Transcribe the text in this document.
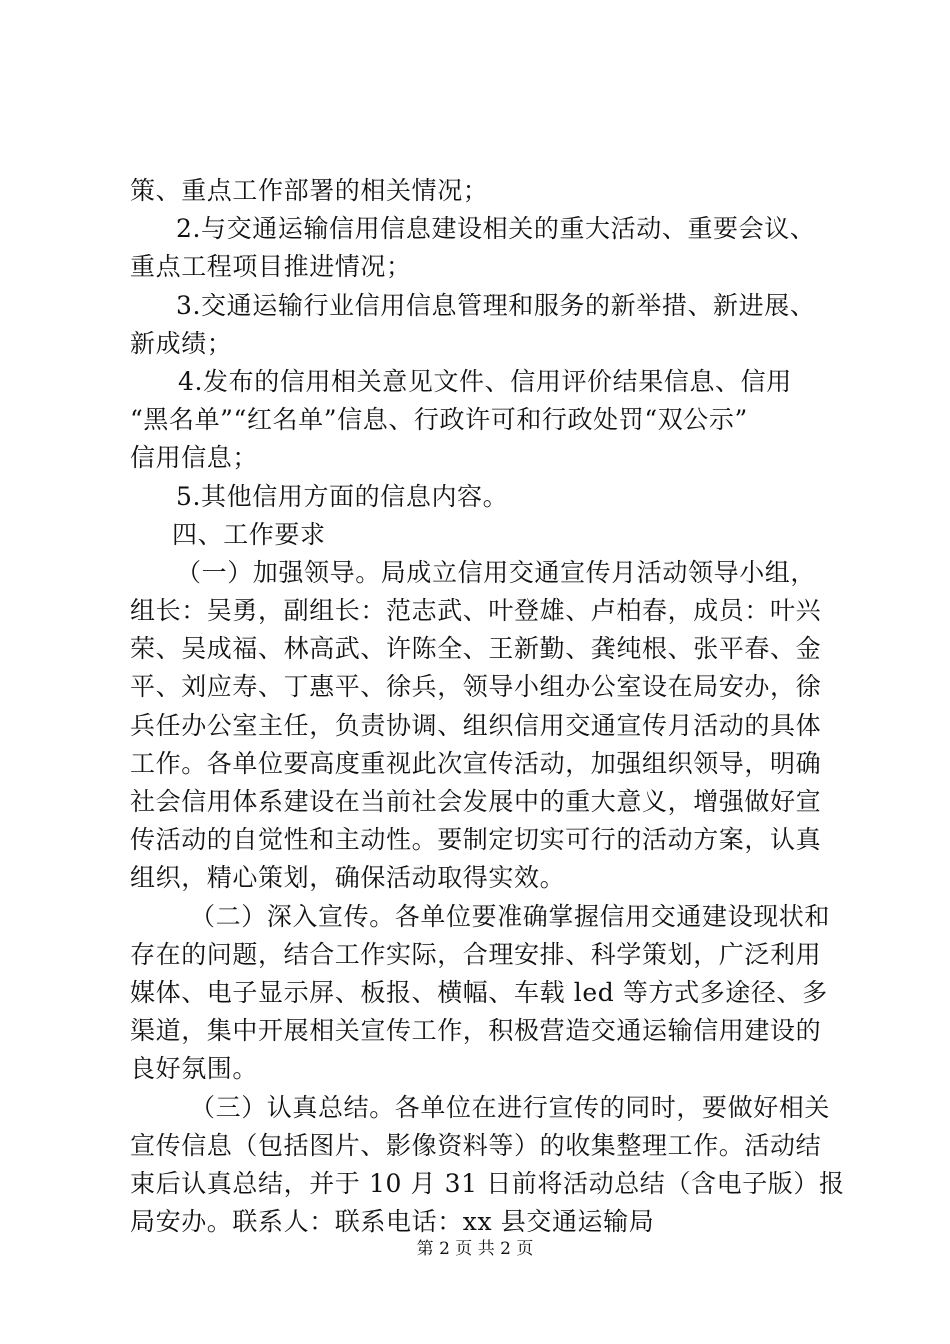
策、重点工作部署的相关情况；
2.与交通运输信用信息建设相关的重大活动、重要会议、
重点工程项目推进情况；
3.交通运输行业信用信息管理和服务的新举措、新进展、
新成绩；
4.发布的信用相关意见文件、信用评价结果信息、信用
“黑名单”“红名单”信息、行政许可和行政处罚“双公示”
信用信息；
5.其他信用方面的信息内容。
四、工作要求
（一）加强领导。局成立信用交通宣传月活动领导小组，
组长：吴勇，副组长：范志武、叶登雄、卢柏春，成员：叶兴
荣、吴成福、林高武、许陈全、王新勤、龚纯根、张平春、金
平、刘应寿、丁惠平、徐兵，领导小组办公室设在局安办，徐
兵任办公室主任，负责协调、组织信用交通宣传月活动的具体
工作。各单位要高度重视此次宣传活动，加强组织领导，明确
社会信用体系建设在当前社会发展中的重大意义，增强做好宣
传活动的自觉性和主动性。要制定切实可行的活动方案，认真
组织，精心策划，确保活动取得实效。
（二）深入宣传。各单位要准确掌握信用交通建设现状和
存在的问题，结合工作实际，合理安排、科学策划，广泛利用
媒体、电子显示屏、板报、横幅、车载 led 等方式多途径、多
渠道，集中开展相关宣传工作，积极营造交通运输信用建设的
良好氛围。
（三）认真总结。各单位在进行宣传的同时，要做好相关
宣传信息（包括图片、影像资料等）的收集整理工作。活动结
束后认真总结，并于 10 月 31 日前将活动总结（含电子版）报
局安办。联系人：联系电话：xx 县交通运输局
第 2 页 共 2 页
